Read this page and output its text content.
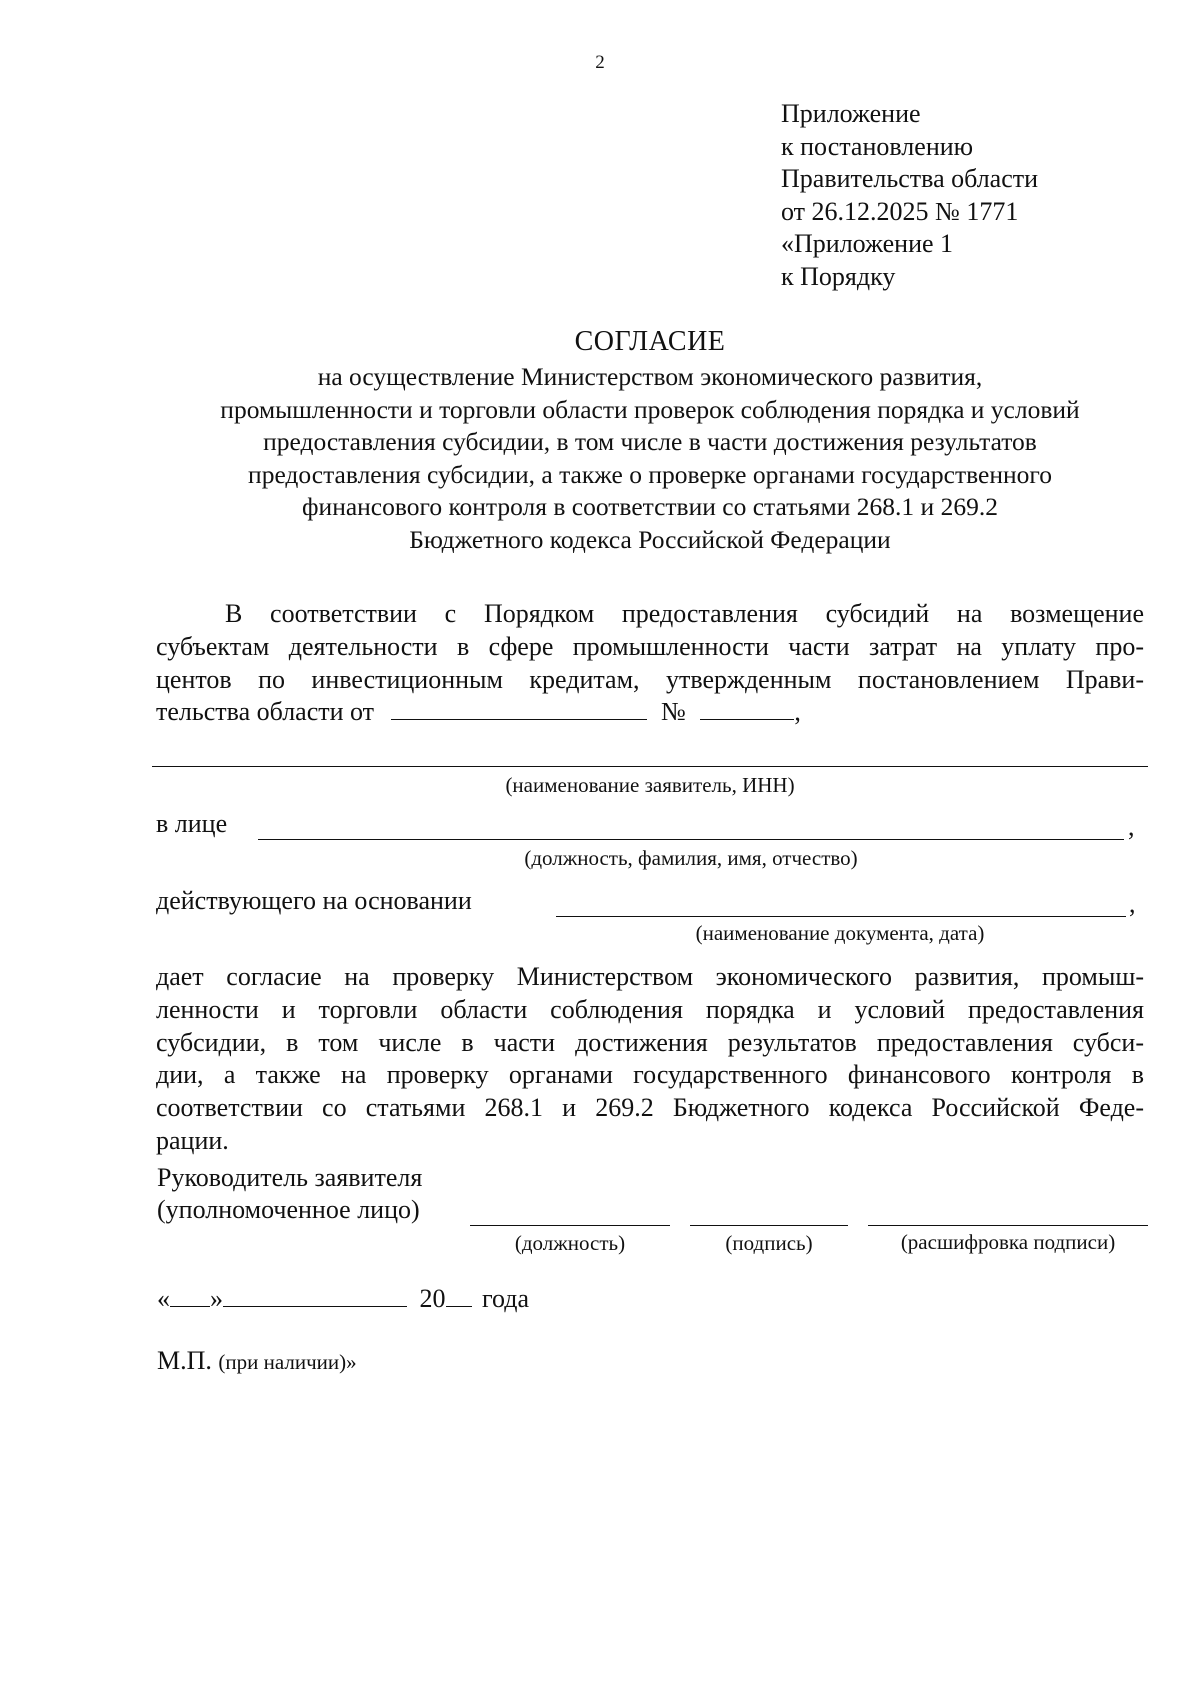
2
Приложение
к постановлению
Правительства области
от 26.12.2025 № 1771
«Приложение 1
к Порядку
СОГЛАСИЕ
на осуществление Министерством экономического развития,
промышленности и торговли области проверок соблюдения порядка и условий
предоставления субсидии, в том числе в части достижения результатов
предоставления субсидии, а также о проверке органами государственного
финансового контроля в соответствии со статьями 268.1 и 269.2
Бюджетного кодекса Российской Федерации
В соответствии с Порядком предоставления субсидий на возмещение
субъектам деятельности в сфере промышленности части затрат на уплату про-
центов по инвестиционным кредитам, утвержденным постановлением Прави-
тельства области от	№	,
(наименование заявитель, ИНН)
в лице	,
(должность, фамилия, имя, отчество)
действующего на основании	,
(наименование документа, дата)
дает согласие на проверку Министерством экономического развития, промыш-
ленности и торговли области соблюдения порядка и условий предоставления
субсидии, в том числе в части достижения результатов предоставления субси-
дии, а также на проверку органами государственного финансового контроля в
соответствии со статьями 268.1 и 269.2 Бюджетного кодекса Российской Феде-
рации.
Руководитель заявителя
(уполномоченное лицо)
(должность)	(подпись)	(расшифровка подписи)
« »	20 года
М.П. (при наличии)»
